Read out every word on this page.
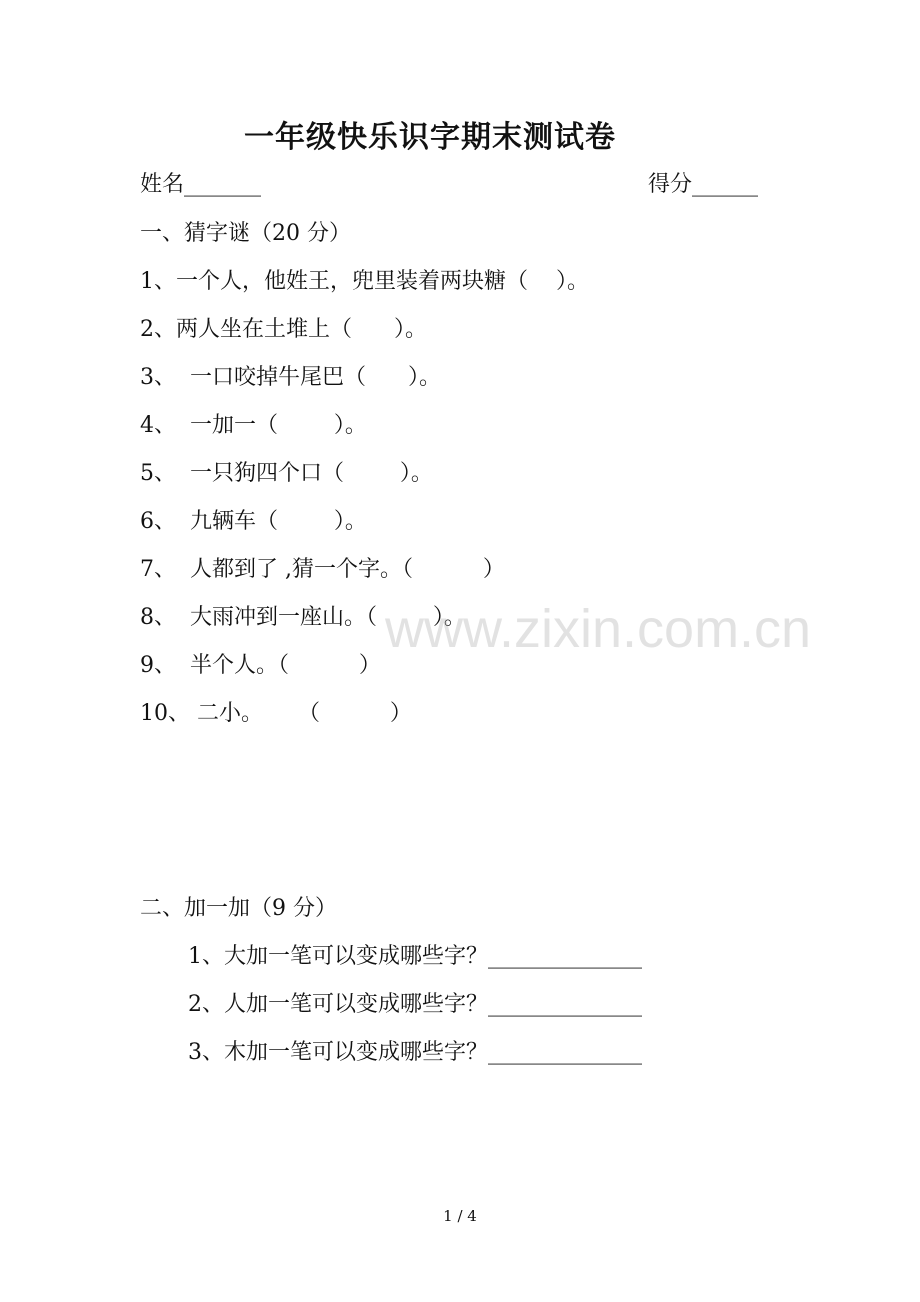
一年级快乐识字期末测试卷
姓名_______	得分______
一、猜字谜（20 分）
1、一个人，他姓王，兜里装着两块糖（    ）。
2、两人坐在土堆上（      ）。
3、  一口咬掉牛尾巴（      ）。
4、  一加一（        ）。
5、  一只狗四个口（        ）。
6、  九辆车（        ）。
7、  人都到了 ,猜一个字。（          ）
8、  大雨冲到一座山。（        ）。
9、  半个人。（          ）
10、 二小。     （          ）
二、加一加（9 分）
1、大加一笔可以变成哪些字？______________
2、人加一笔可以变成哪些字？______________
3、木加一笔可以变成哪些字？______________
www.zixin.com.cn
1 / 4
